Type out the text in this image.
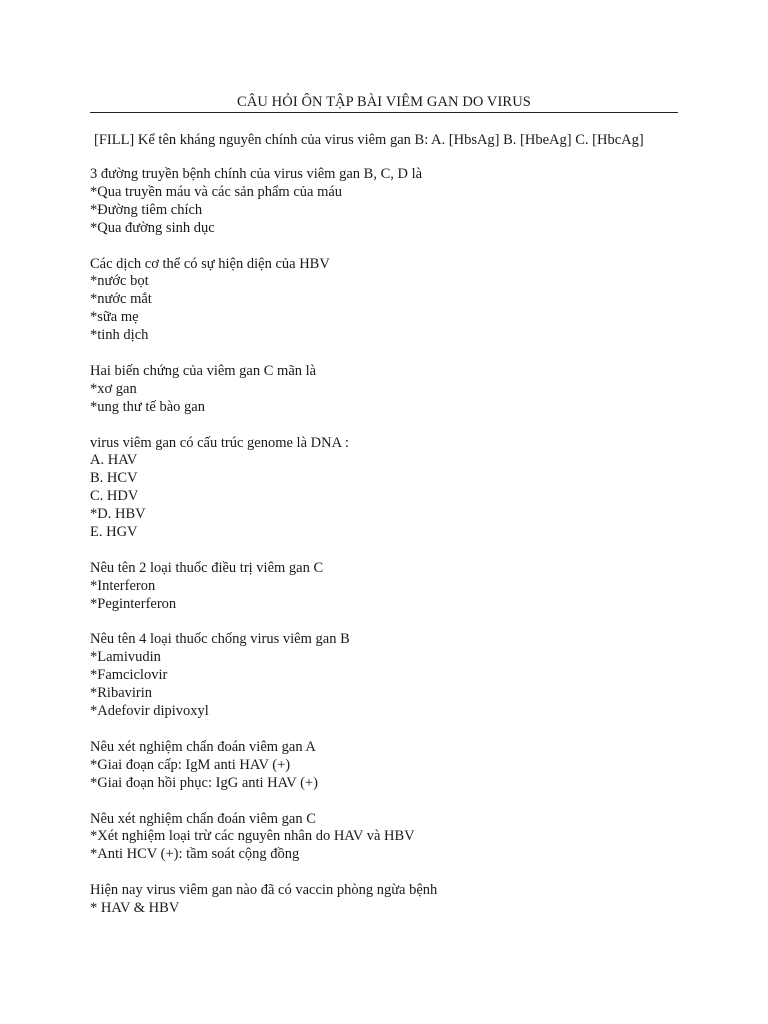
CÂU HỎI ÔN TẬP BÀI VIÊM GAN DO VIRUS
[FILL] Kể tên kháng nguyên chính của virus viêm gan B: A. [HbsAg] B. [HbeAg] C. [HbcAg]
3 đường truyền bệnh chính của virus viêm gan B, C, D là
*Qua truyền máu và các sản phẩm của máu
*Đường tiêm chích
*Qua đường sinh dục
Các dịch cơ thể có sự hiện diện của HBV
*nước bọt
*nước mắt
*sữa mẹ
*tinh dịch
Hai biến chứng của viêm gan C mãn là
*xơ gan
*ung thư tế bào gan
virus viêm gan có cấu trúc genome là DNA :
A. HAV
B. HCV
C. HDV
*D. HBV
E. HGV
Nêu tên 2 loại thuốc điều trị viêm gan C
*Interferon
*Peginterferon
Nêu tên 4 loại thuốc chống virus viêm gan B
*Lamivudin
*Famciclovir
*Ribavirin
*Adefovir dipivoxyl
Nêu xét nghiệm chẩn đoán viêm gan A
*Giai đoạn cấp: IgM anti HAV (+)
*Giai đoạn hồi phục: IgG anti HAV (+)
Nêu xét nghiệm chẩn đoán viêm gan C
*Xét nghiệm loại trừ các nguyên nhân do HAV và HBV
*Anti HCV (+): tầm soát cộng đồng
Hiện nay virus viêm gan nào đã có vaccin phòng ngừa bệnh
* HAV & HBV
